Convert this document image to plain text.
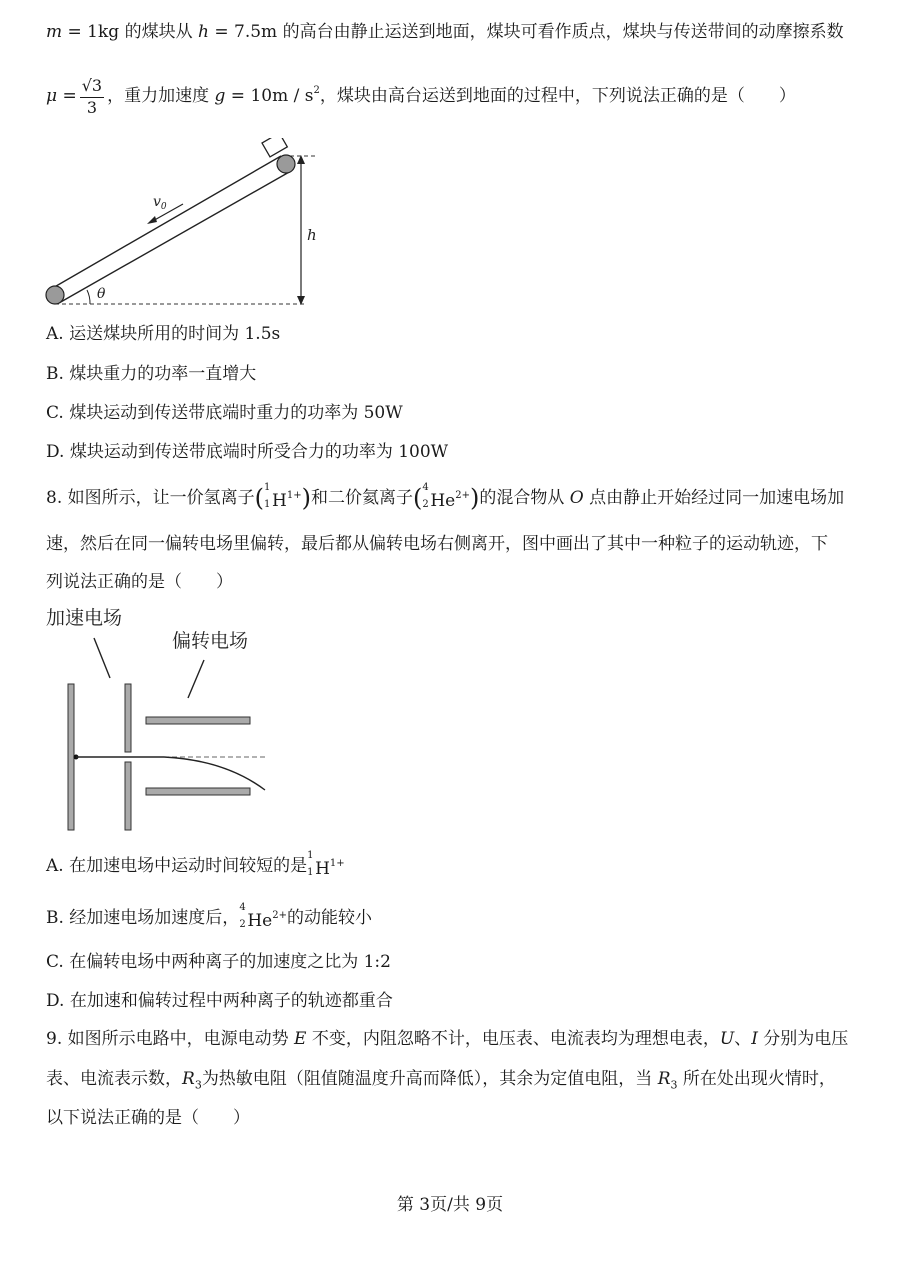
m = 1kg 的煤块从 h = 7.5m 的高台由静止运送到地面，煤块可看作质点，煤块与传送带间的动摩擦系数
$\mu = \frac{√3}{3}$ ，重力加速度 $g = 10m / s^2$，煤块由高台运送到地面的过程中，下列说法正确的是（　　）
$v_0$
h
θ
A. 运送煤块所用的时间为 1.5s
B. 煤块重力的功率一直增大
C. 煤块运动到传送带底端时重力的功率为 50W
D. 煤块运动到传送带底端时所受合力的功率为 100W
8. 如图所示，让一价氢离子( 1
1 $H^{1+}$)和二价氦离子( 4
2 $He^{2+}$)的混合物从 O 点由静止开始经过同一加速电场加
速，然后在同一偏转电场里偏转，最后都从偏转电场右侧离开，图中画出了其中一种粒子的运动轨迹，下
列说法正确的是（　　）
加速电场
偏转电场
A. 在加速电场中运动时间较短的是
1
1 $H^{1+}$
B. 经加速电场加速度后，
4
2 $He^{2+}$的动能较小
C. 在偏转电场中两种离子的加速度之比为 1:2
D. 在加速和偏转过程中两种离子的轨迹都重合
9. 如图所示电路中，电源电动势 E 不变，内阻忽略不计，电压表、电流表均为理想电表，U、I 分别为电压
表、电流表示数，$R_3$为热敏电阻（阻值随温度升高而降低），其余为定值电阻，当 $R_3$ 所在处出现火情时，
以下说法正确的是（　　）
第 3页/共 9页
